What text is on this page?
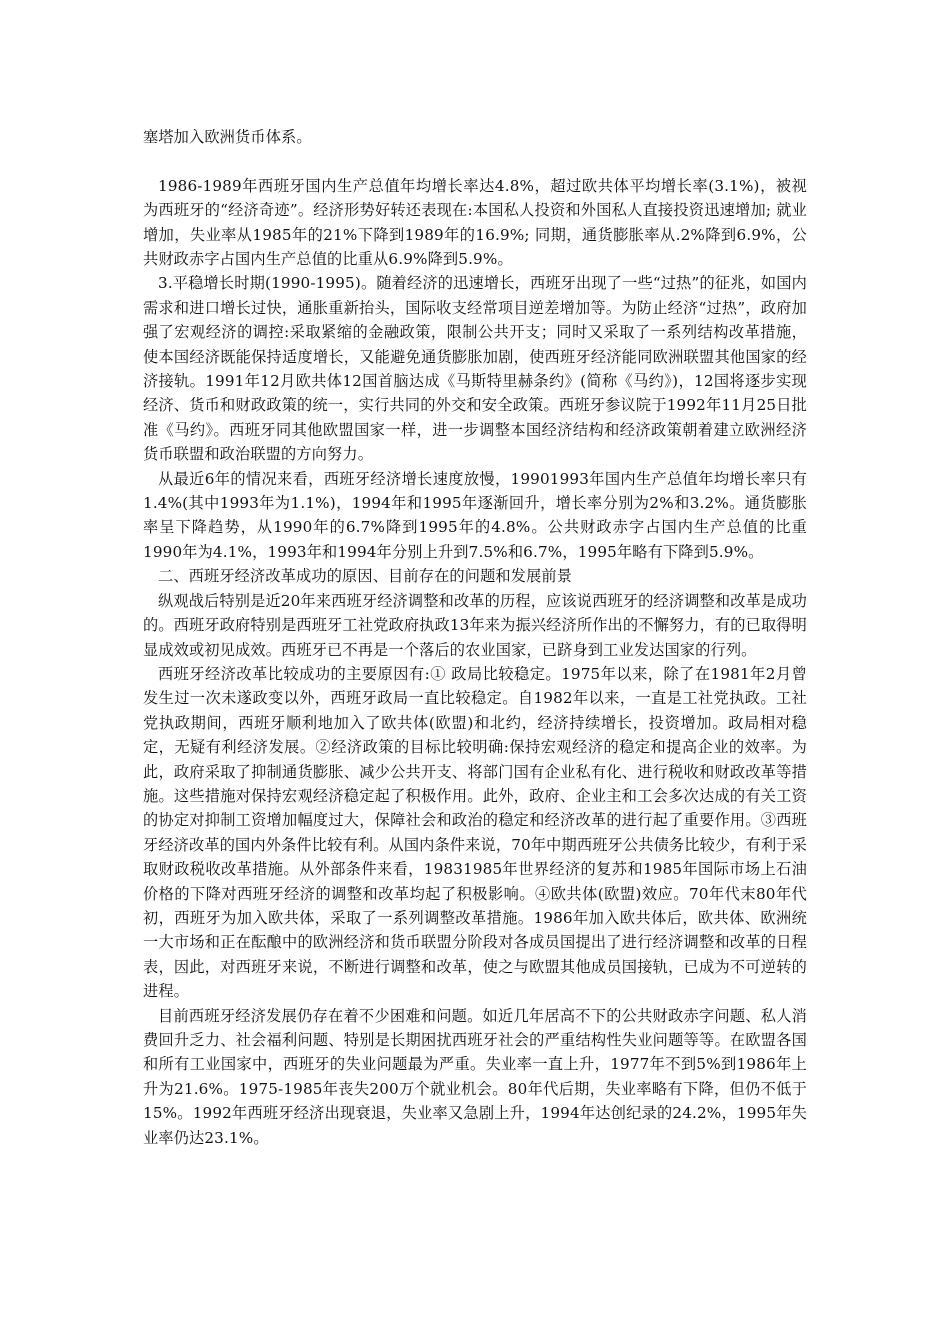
塞塔加入欧洲货币体系。

1986-1989年西班牙国内生产总值年均增长率达4.8%，超过欧共体平均增长率(3.1%)，被视为西班牙的“经济奇迹”。经济形势好转还表现在:本国私人投资和外国私人直接投资迅速增加; 就业增加，失业率从1985年的21%下降到1989年的16.9%; 同期，通货膨胀率从.2%降到6.9%，公共财政赤字占国内生产总值的比重从6.9%降到5.9%。

3.平稳增长时期(1990-1995)。随着经济的迅速增长，西班牙出现了一些“过热”的征兆，如国内需求和进口增长过快，通胀重新抬头，国际收支经常项目逆差增加等。为防止经济“过热”，政府加强了宏观经济的调控:采取紧缩的金融政策，限制公共开支；同时又采取了一系列结构改革措施，使本国经济既能保持适度增长，又能避免通货膨胀加剧，使西班牙经济能同欧洲联盟其他国家的经济接轨。1991年12月欧共体12国首脑达成《马斯特里赫条约》(简称《马约》)，12国将逐步实现经济、货币和财政政策的统一，实行共同的外交和安全政策。西班牙参议院于1992年11月25日批准《马约》。西班牙同其他欧盟国家一样，进一步调整本国经济结构和经济政策朝着建立欧洲经济货币联盟和政治联盟的方向努力。

从最近6年的情况来看，西班牙经济增长速度放慢，19901993年国内生产总值年均增长率只有1.4%(其中1993年为1.1%)，1994年和1995年逐渐回升，增长率分别为2%和3.2%。通货膨胀率呈下降趋势，从1990年的6.7%降到1995年的4.8%。公共财政赤字占国内生产总值的比重1990年为4.1%，1993年和1994年分别上升到7.5%和6.7%，1995年略有下降到5.9%。

二、西班牙经济改革成功的原因、目前存在的问题和发展前景

纵观战后特别是近20年来西班牙经济调整和改革的历程，应该说西班牙的经济调整和改革是成功的。西班牙政府特别是西班牙工社党政府执政13年来为振兴经济所作出的不懈努力，有的已取得明显成效或初见成效。西班牙已不再是一个落后的农业国家，已跻身到工业发达国家的行列。

西班牙经济改革比较成功的主要原因有:① 政局比较稳定。1975年以来，除了在1981年2月曾发生过一次未遂政变以外，西班牙政局一直比较稳定。自1982年以来，一直是工社党执政。工社党执政期间，西班牙顺利地加入了欧共体(欧盟)和北约，经济持续增长，投资增加。政局相对稳定，无疑有利经济发展。②经济政策的目标比较明确:保持宏观经济的稳定和提高企业的效率。为此，政府采取了抑制通货膨胀、减少公共开支、将部门国有企业私有化、进行税收和财政改革等措施。这些措施对保持宏观经济稳定起了积极作用。此外，政府、企业主和工会多次达成的有关工资的协定对抑制工资增加幅度过大，保障社会和政治的稳定和经济改革的进行起了重要作用。③西班牙经济改革的国内外条件比较有利。从国内条件来说，70年中期西班牙公共债务比较少，有利于采取财政税收改革措施。从外部条件来看，19831985年世界经济的复苏和1985年国际市场上石油价格的下降对西班牙经济的调整和改革均起了积极影响。④欧共体(欧盟)效应。70年代末80年代初，西班牙为加入欧共体，采取了一系列调整改革措施。1986年加入欧共体后，欧共体、欧洲统一大市场和正在酝酿中的欧洲经济和货币联盟分阶段对各成员国提出了进行经济调整和改革的日程表，因此，对西班牙来说，不断进行调整和改革，使之与欧盟其他成员国接轨，已成为不可逆转的进程。

目前西班牙经济发展仍存在着不少困难和问题。如近几年居高不下的公共财政赤字问题、私人消费回升乏力、社会福利问题、特别是长期困扰西班牙社会的严重结构性失业问题等等。在欧盟各国和所有工业国家中，西班牙的失业问题最为严重。失业率一直上升，1977年不到5%到1986年上升为21.6%。1975-1985年丧失200万个就业机会。80年代后期，失业率略有下降，但仍不低于15%。1992年西班牙经济出现衰退，失业率又急剧上升，1994年达创纪录的24.2%，1995年失业率仍达23.1%。
